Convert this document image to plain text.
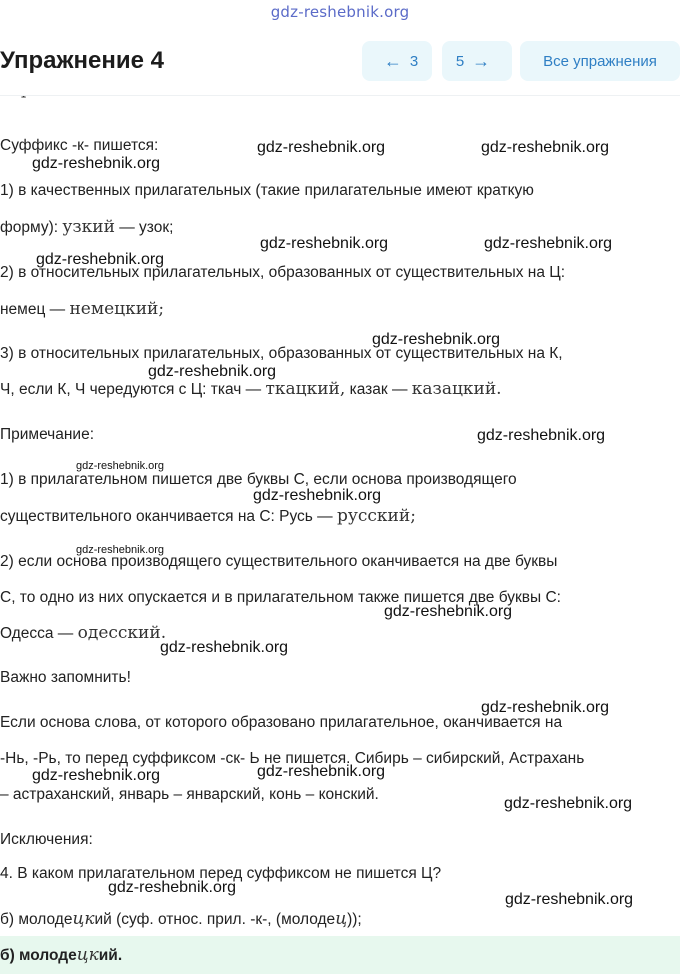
gdz-reshebnik.org
Суффикс -к- пишется:
1) в качественных прилагательных (такие прилагательные имеют краткую
форму): узкий — узок;
2) в относительных прилагательных, образованных от существительных на Ц:
немец — немецкий;
3) в относительных прилагательных, образованных от существительных на К,
Ч, если К, Ч чередуются с Ц: ткач — ткацкий, казак — казацкий.
Примечание:
1) в прилагательном пишется две буквы С, если основа производящего
существительного оканчивается на С: Русь — русский;
2) если основа производящего существительного оканчивается на две буквы
С, то одно из них опускается и в прилагательном также пишется две буквы С:
Одесса — одесский.
Важно запомнить!
Если основа слова, от которого образовано прилагательное, оканчивается на
-Нь, -Рь, то перед суффиксом -ск- Ь не пишется. Сибирь – сибирский, Астрахань
– астраханский, январь – январский, конь – конский.
Исключения:
4. В каком прилагательном перед суффиксом не пишется Ц?
б) молодецкий (суф. относ. прил. -к-, (молодец));
gdz-reshebnik.org	gdz-reshebnik.org
gdz-reshebnik.org
gdz-reshebnik.org	gdz-reshebnik.org
gdz-reshebnik.org
gdz-reshebnik.org
gdz-reshebnik.org
gdz-reshebnik.org
gdz-reshebnik.org
gdz-reshebnik.org
gdz-reshebnik.org
gdz-reshebnik.org
gdz-reshebnik.org
gdz-reshebnik.org
gdz-reshebnik.org
gdz-reshebnik.org
gdz-reshebnik.org
gdz-reshebnik.org
gdz-reshebnik.org
Упражнение 4	← 3	5 →	Все упражнения
б) молодецкий.
